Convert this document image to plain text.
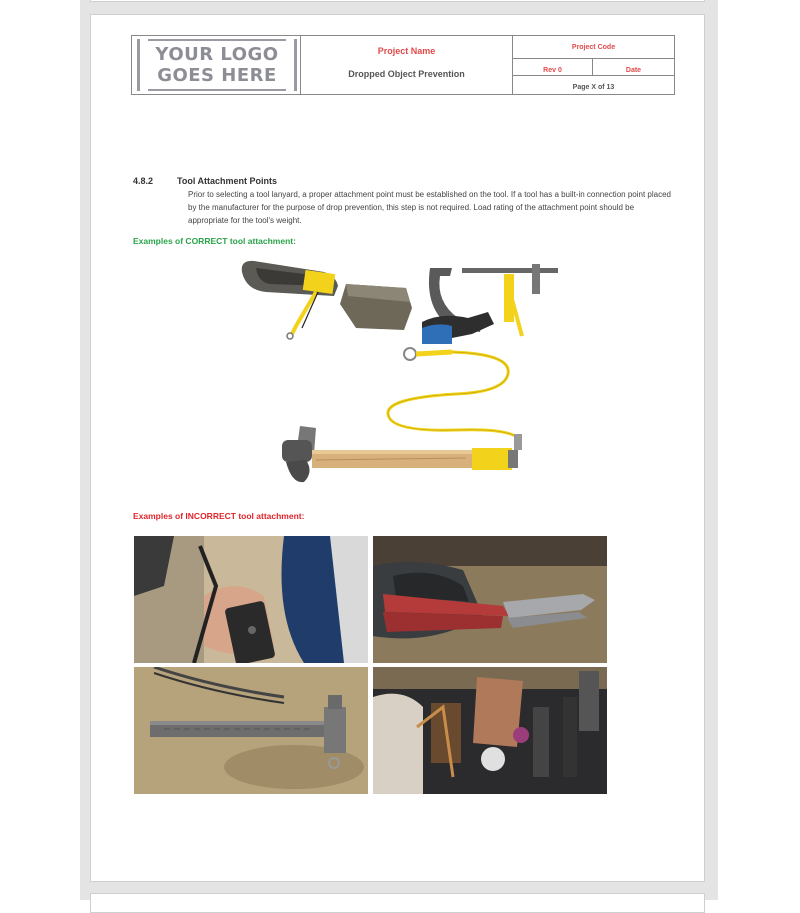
YOUR LOGO
GOES HERE
Project Name
Dropped Object Prevention
Project Code
Rev 0	Date
Page X of 13
4.8.2	Tool Attachment Points
Prior to selecting a tool lanyard, a proper attachment point must be established on the tool. If a tool has a built-in connection point placed by the manufacturer for the purpose of drop prevention, this step is not required. Load rating of the attachment point should be appropriate for the tool's weight.
Examples of CORRECT tool attachment:
Examples of INCORRECT tool attachment:
